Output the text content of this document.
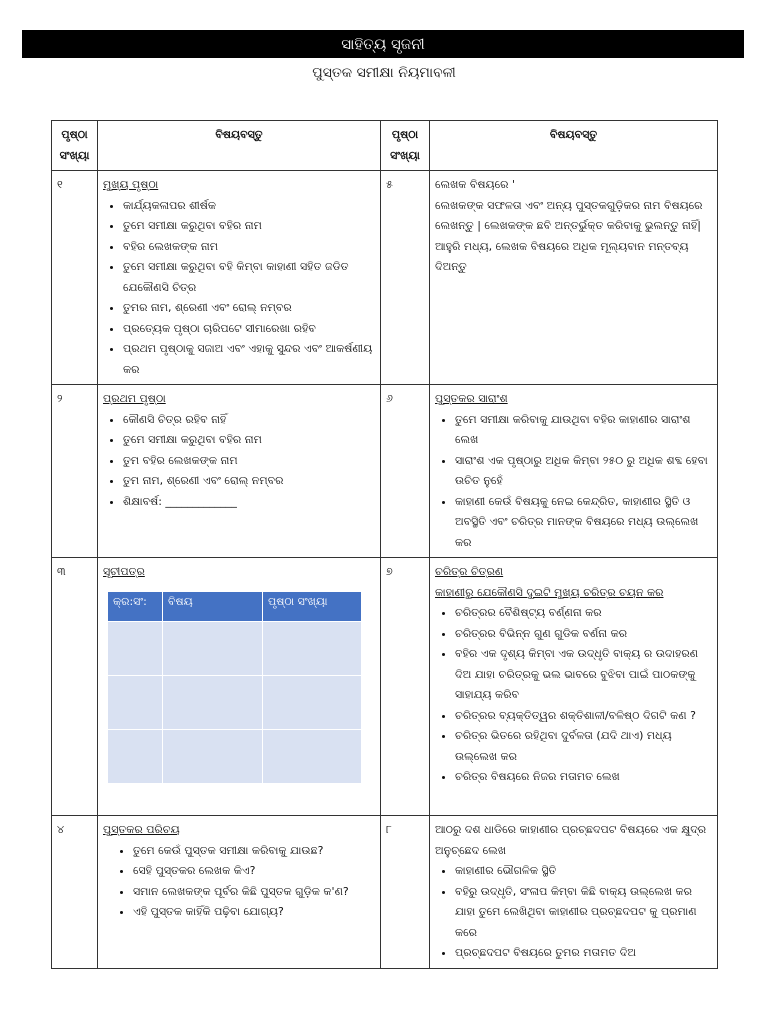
ସାହିତ୍ୟ ସୃଜନୀ
ପୁସ୍ତକ ସମୀକ୍ଷା ନିୟମାବଳୀ
ପୃଷ୍ଠା ସଂଖ୍ୟା	ବିଷୟବସ୍ତୁ	ପୃଷ୍ଠା ସଂଖ୍ୟା	ବିଷୟବସ୍ତୁ
୧	ମୁଖ୍ୟ ପୃଷ୍ଠା
• କାର୍ଯ୍ୟକଳାପର ଶୀର୍ଷକ
• ତୁମେ ସମୀକ୍ଷା କରୁଥିବା ବହିର ନାମ
• ବହିର ଲେଖକଙ୍କ ନାମ
• ତୁମେ ସମୀକ୍ଷା କରୁଥିବା ବହି କିମ୍ବା କାହାଣୀ ସହିତ ଜଡିତ ଯେକୌଣସି ଚିତ୍ର
• ତୁମର ନାମ, ଶ୍ରେଣୀ ଏବଂ ରୋଲ୍ ନମ୍ବର
• ପ୍ରତ୍ୟେକ ପୃଷ୍ଠା ଚାରିପଟେ ସୀମାରେଖା ରହିବ
• ପ୍ରଥମ ପୃଷ୍ଠାକୁ ସଜାଅ ଏବଂ ଏହାକୁ ସୁନ୍ଦର ଏବଂ ଆକର୍ଷଣୀୟ କର
	୫	ଲେଖକ ବିଷୟରେ '
ଲେଖକଙ୍କ ସଫଳତା ଏବଂ ଅନ୍ୟ ପୁସ୍ତକଗୁଡ଼ିକର ନାମ ବିଷୟରେ ଲେଖନ୍ତୁ | ଲେଖକଙ୍କ ଛବି ଅନ୍ତର୍ଭୁକ୍ତ କରିବାକୁ ଭୁଲନ୍ତୁ ନାହିଁ| ଆହୁରି ମଧ୍ୟ, ଲେଖକ ବିଷୟରେ ଅଧିକ ମୂଲ୍ୟବାନ ମନ୍ତବ୍ୟ ଦିଅନ୍ତୁ

୨	ପ୍ରଥମ ପୃଷ୍ଠା
• କୌଣସି ଚିତ୍ର ରହିବ ନାହିଁ
• ତୁମେ ସମୀକ୍ଷା କରୁଥିବା ବହିର ନାମ
• ତୁମ ବହିର ଲେଖକଙ୍କ ନାମ
• ତୁମ ନାମ, ଶ୍ରେଣୀ ଏବଂ ରୋଲ୍ ନମ୍ବର
• ଶିକ୍ଷାବର୍ଷ: _____________
	୬	ପୁସ୍ତକର ସାରାଂଶ
• ତୁମେ ସମୀକ୍ଷା କରିବାକୁ ଯାଉଥିବା ବହିର କାହାଣୀର ସାରାଂଶ ଲେଖ
• ସାରାଂଶ ଏକ ପୃଷ୍ଠାରୁ ଅଧିକ କିମ୍ବା ୨୫୦ ରୁ ଅଧିକ ଶବ୍ଦ ହେବା ଉଚିତ ନୁହେଁ
• କାହାଣୀ କେଉଁ ବିଷୟକୁ ନେଇ କେନ୍ଦ୍ରିତ, କାହାଣୀର ସ୍ଥିତି ଓ ଅବସ୍ଥିତି ଏବଂ ଚରିତ୍ର ମାନଙ୍କ ବିଷୟରେ ମଧ୍ୟ ଉଲ୍ଲେଖ କର

୩	ସୂଚୀପତ୍ର
କ୍ର:ସଂ:	ବିଷୟ	ପୃଷ୍ଠା ସଂଖ୍ୟା

	୭	ଚରିତ୍ର ଚିତ୍ରଣ
କାହାଣୀରୁ ଯେକୌଣସି ଦୁଇଟି ମୁଖ୍ୟ ଚରିତ୍ର ଚୟନ କର
• ଚରିତ୍ରର ବୈଶିଷ୍ଟ୍ୟ ବର୍ଣ୍ଣନା କର
• ଚରିତ୍ରର ବିଭିନ୍ନ ଗୁଣ ଗୁଡିକ ବର୍ଣନା କର
• ବହିର ଏକ ଦୃଶ୍ୟ କିମ୍ବା ଏକ ଉଦ୍ଧୃତି ବାକ୍ୟ ର ଉଦାହରଣ ଦିଅ ଯାହା ଚରିତ୍ରକୁ ଭଲ ଭାବରେ ବୁଝିବା ପାଇଁ ପାଠକଙ୍କୁ ସାହାଯ୍ୟ କରିବ
• ଚରିତ୍ରର ବ୍ୟକ୍ତିତ୍ୱର ଶକ୍ତିଶାଳୀ/ବଳିଷ୍ଠ ଦିଗଟି କଣ ?
• ଚରିତ୍ର ଭିତରେ ରହିଥିବା ଦୁର୍ବଳତା (ଯଦି ଥାଏ) ମଧ୍ୟ ଉଲ୍ଲେଖ କର
• ଚରିତ୍ର ବିଷୟରେ ନିଜର ମତାମତ ଲେଖ

୪	ପୁସ୍ତକର ପରିଚୟ
• ତୁମେ କେଉଁ ପୁସ୍ତକ ସମୀକ୍ଷା କରିବାକୁ ଯାଉଛ?
• ସେହି ପୁସ୍ତକର ଲେଖକ କିଏ?
• ସମାନ ଲେଖକଙ୍କ ପୂର୍ବର କିଛି ପୁସ୍ତକ ଗୁଡ଼ିକ କ'ଣ?
• ଏହି ପୁସ୍ତକ କାହିଁକି ପଢ଼ିବା ଯୋଗ୍ୟ?
	୮	ଆଠରୁ ଦଶ ଧାଡିରେ କାହାଣୀର ପ୍ରଚ୍ଛଦପଟ ବିଷୟରେ ଏକ କ୍ଷୁଦ୍ର ଅନୁଚ୍ଛେଦ ଲେଖ
• କାହାଣୀର ଭୌଗଳିକ ସ୍ଥିତି
• ବହିରୁ ଉଦ୍ଧୃତି, ସଂଳାପ କିମ୍ବା କିଛି ବାକ୍ୟ ଉଲ୍ଲେଖ କର ଯାହା ତୁମେ ଲେଖିଥିବା କାହାଣୀର ପ୍ରଚ୍ଛଦପଟ କୁ ପ୍ରମାଣ କରେ
• ପ୍ରଚ୍ଛଦପଟ ବିଷୟରେ ତୁମର ମତାମତ ଦିଅ
